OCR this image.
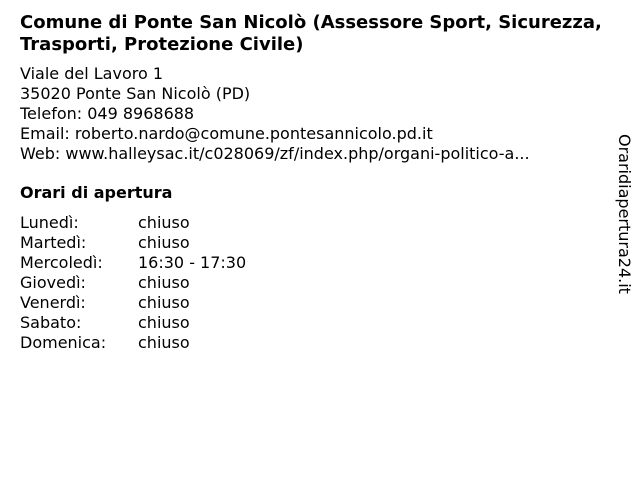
Comune di Ponte San Nicolò (Assessore Sport, Sicurezza, Trasporti, Protezione Civile)
Viale del Lavoro 1
35020 Ponte San Nicolò (PD)
Telefon: 049 8968688
Email: roberto.nardo@comune.pontesannicolo.pd.it
Web: www.halleysac.it/c028069/zf/index.php/organi-politico-a...
Orari di apertura
Lunedì:	chiuso
Martedì:	chiuso
Mercoledì:	16:30 - 17:30
Giovedì:	chiuso
Venerdì:	chiuso
Sabato:	chiuso
Domenica:	chiuso
Oraridiapertura24.it
